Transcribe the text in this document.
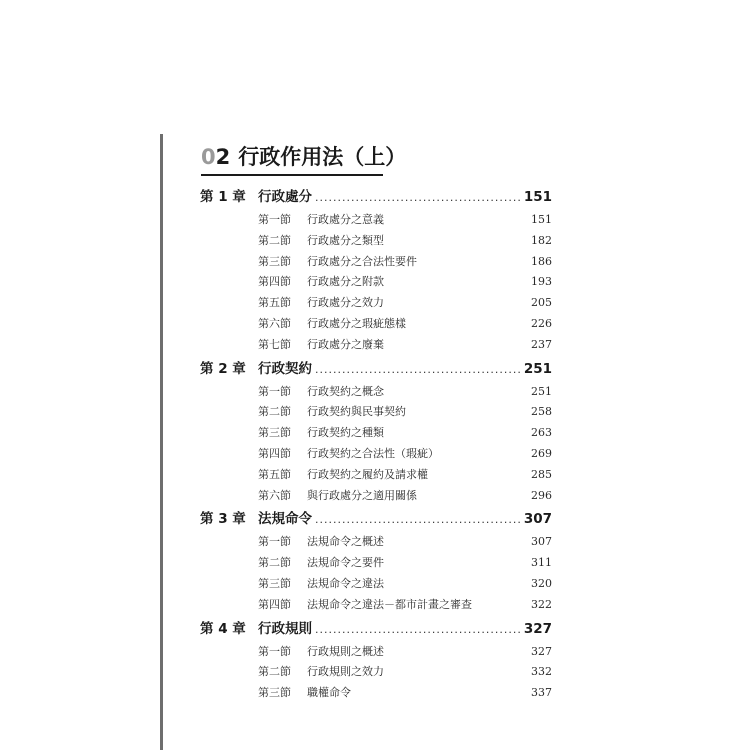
0 2 行政作用法（上）
第 1 章 行政處分 .....	151
第一節	行政處分之意義	151
第二節	行政處分之類型	182
第三節	行政處分之合法性要件	186
第四節	行政處分之附款	193
第五節	行政處分之效力	205
第六節	行政處分之瑕疵態樣	226
第七節	行政處分之廢棄	237
第 2 章 行政契約 .....	251
第一節	行政契約之概念	251
第二節	行政契約與民事契約	258
第三節	行政契約之種類	263
第四節	行政契約之合法性（瑕疵）	269
第五節	行政契約之履約及請求權	285
第六節	與行政處分之適用關係	296
第 3 章 法規命令 .....	307
第一節	法規命令之概述	307
第二節	法規命令之要件	311
第三節	法規命令之違法	320
第四節	法規命令之違法－都市計畫之審查	322
第 4 章 行政規則 .....	327
第一節	行政規則之概述	327
第二節	行政規則之效力	332
第三節	職權命令	337
